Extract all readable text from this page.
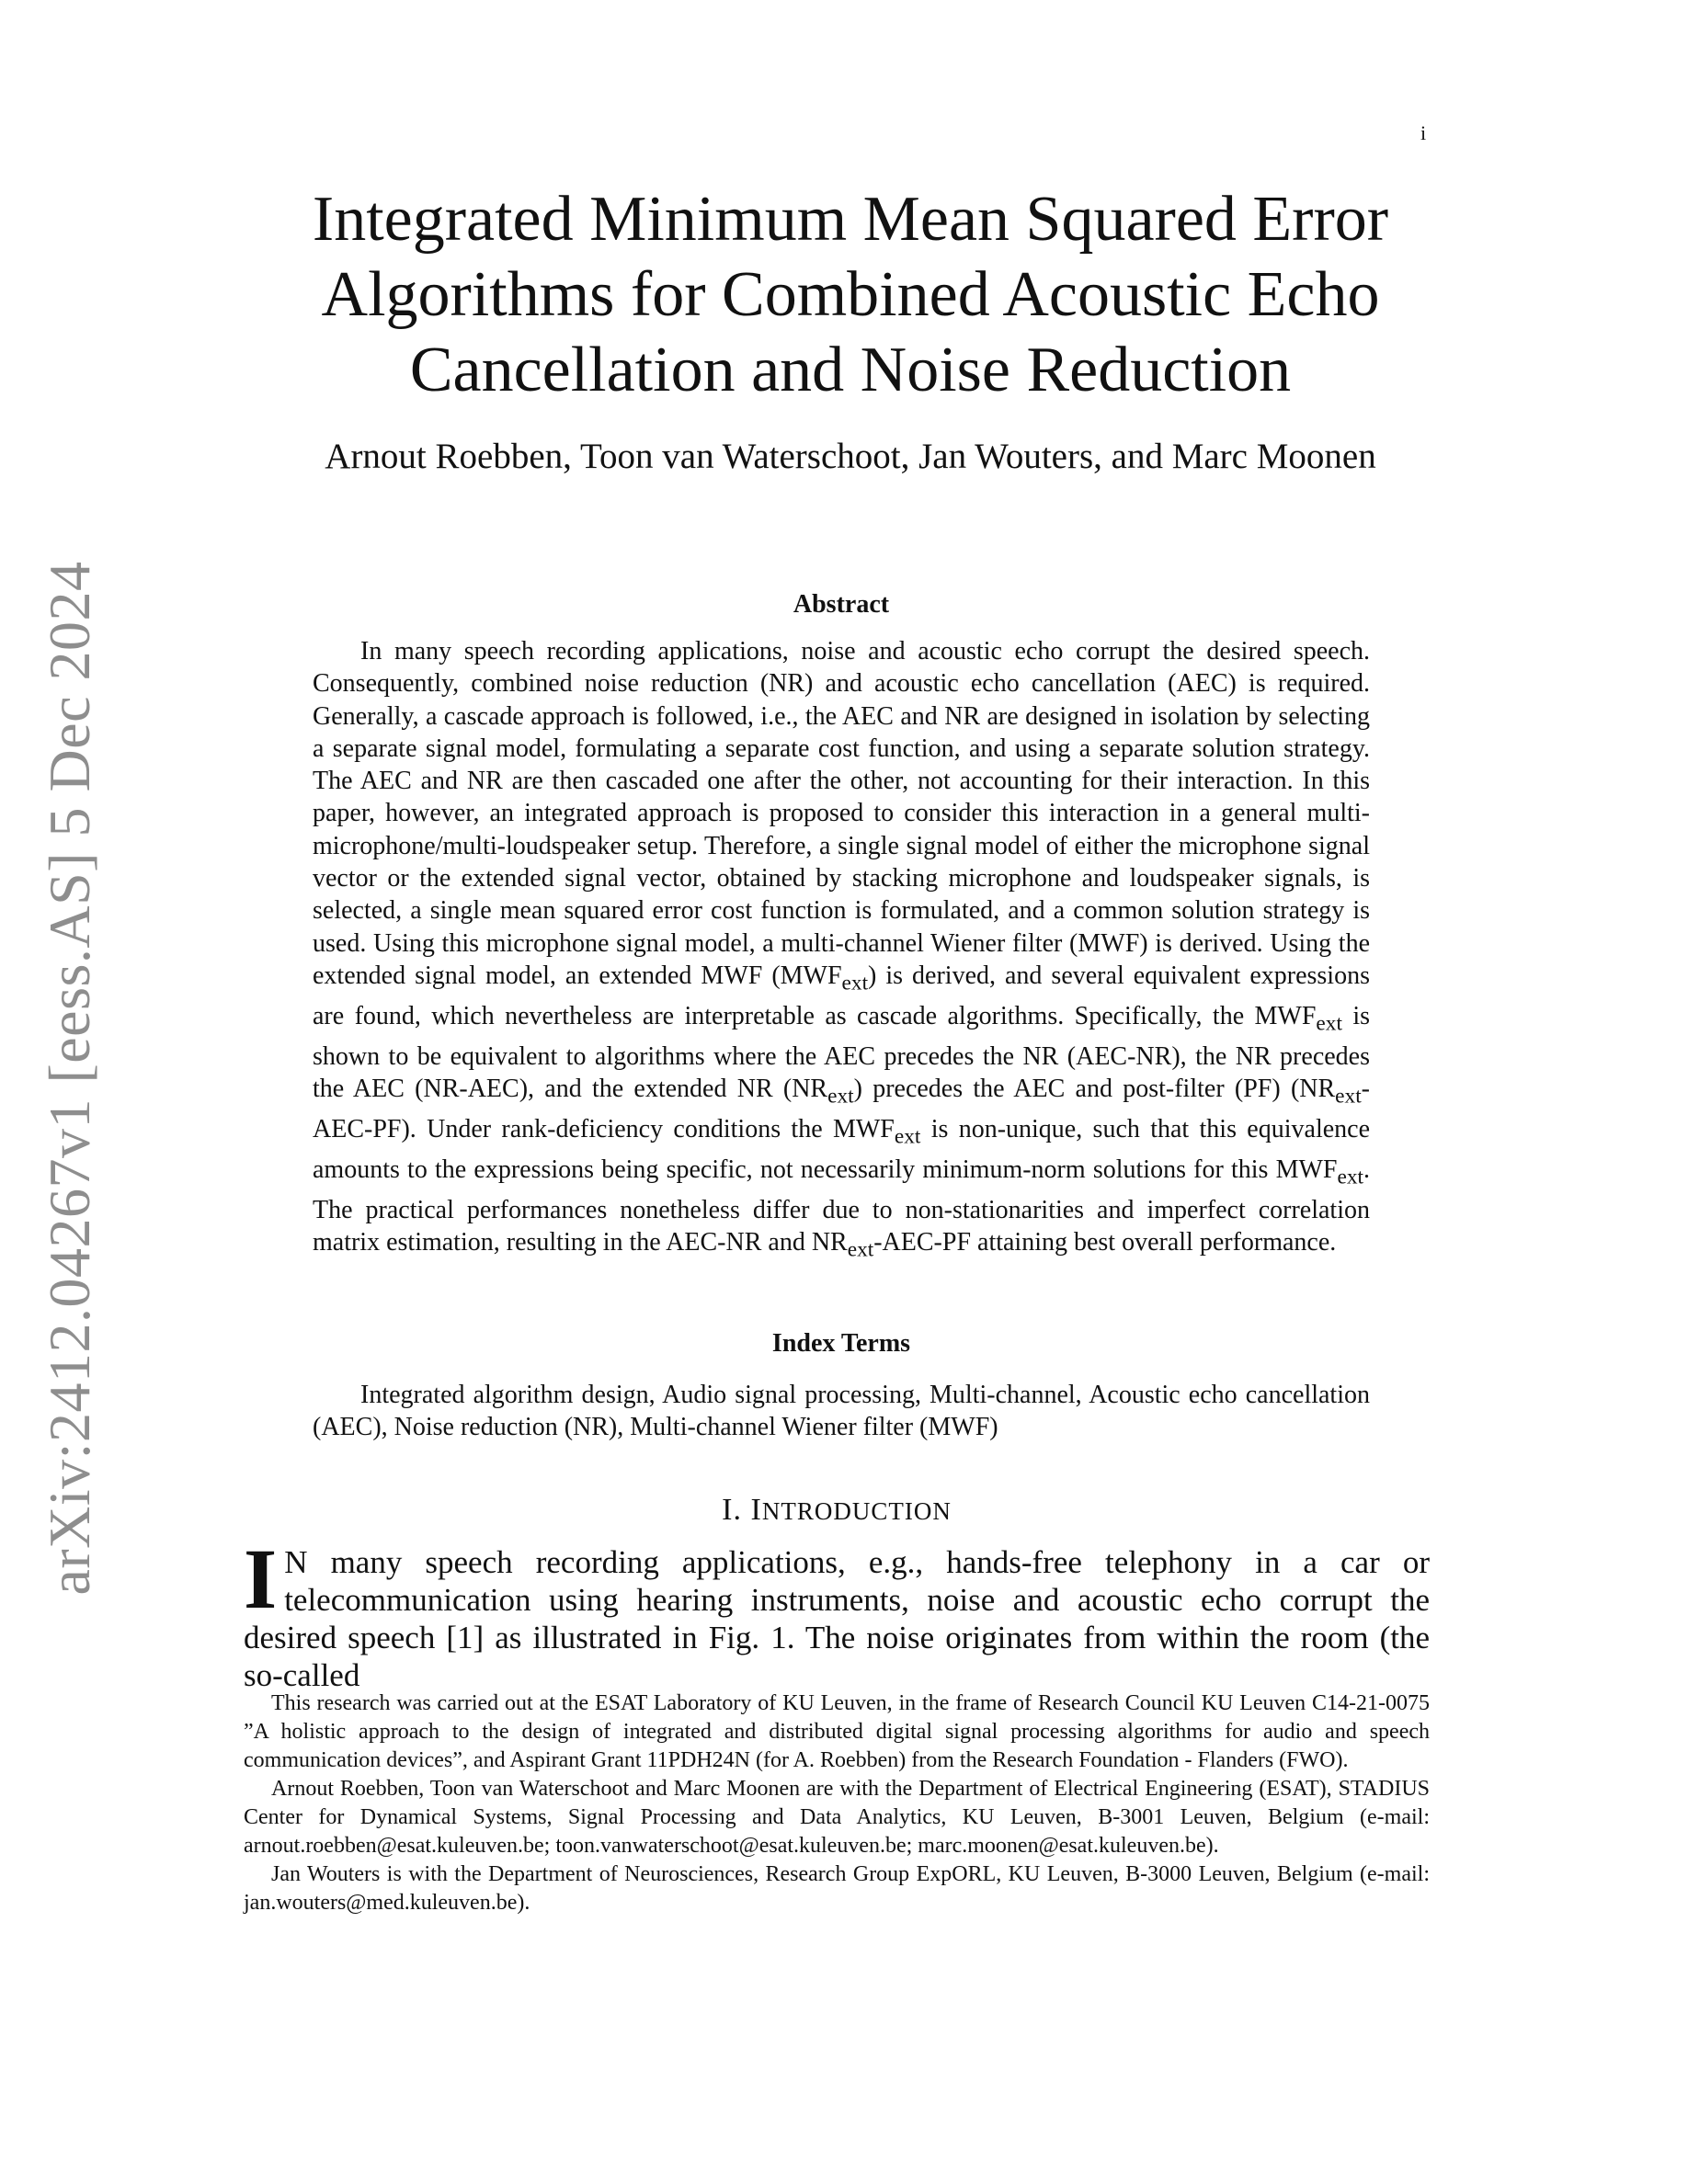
i
arXiv:2412.04267v1 [eess.AS] 5 Dec 2024
Integrated Minimum Mean Squared Error
Algorithms for Combined Acoustic Echo
Cancellation and Noise Reduction
Arnout Roebben, Toon van Waterschoot, Jan Wouters, and Marc Moonen
Abstract

In many speech recording applications, noise and acoustic echo corrupt the desired speech. Consequently, combined noise reduction (NR) and acoustic echo cancellation (AEC) is required. Generally, a cascade approach is followed, i.e., the AEC and NR are designed in isolation by selecting a separate signal model, formulating a separate cost function, and using a separate solution strategy. The AEC and NR are then cascaded one after the other, not accounting for their interaction. In this paper, however, an integrated approach is proposed to consider this interaction in a general multi-microphone/multi-loudspeaker setup. Therefore, a single signal model of either the microphone signal vector or the extended signal vector, obtained by stacking microphone and loudspeaker signals, is selected, a single mean squared error cost function is formulated, and a common solution strategy is used. Using this microphone signal model, a multi-channel Wiener filter (MWF) is derived. Using the extended signal model, an extended MWF $(MWF_{ext})$ is derived, and several equivalent expressions are found, which nevertheless are interpretable as cascade algorithms. Specifically, the $MWF_{ext}$ is shown to be equivalent to algorithms where the AEC precedes the NR (AEC-NR), the NR precedes the AEC (NR-AEC), and the extended NR $(NR_{ext})$ precedes the AEC and post-filter (PF) $(NR_{ext}-AEC-PF)$. Under rank-deficiency conditions the $MWF_{ext}$ is non-unique, such that this equivalence amounts to the expressions being specific, not necessarily minimum-norm solutions for this $MWF_{ext}$. The practical performances nonetheless differ due to non-stationarities and imperfect correlation matrix estimation, resulting in the AEC-NR and $NR_{ext}-AEC-PF$ attaining best overall performance.

Index Terms

Integrated algorithm design, Audio signal processing, Multi-channel, Acoustic echo cancellation (AEC), Noise reduction (NR), Multi-channel Wiener filter (MWF)

I. INTRODUCTION

I N many speech recording applications, e.g., hands-free telephony in a car or telecommunication using hearing instruments, noise and acoustic echo corrupt the desired speech [1] as illustrated in Fig. 1. The noise originates from within the room (the so-called

This research was carried out at the ESAT Laboratory of KU Leuven, in the frame of Research Council KU Leuven C14-21-0075 ”A holistic approach to the design of integrated and distributed digital signal processing algorithms for audio and speech communication devices”, and Aspirant Grant 11PDH24N (for A. Roebben) from the Research Foundation - Flanders (FWO).

Arnout Roebben, Toon van Waterschoot and Marc Moonen are with the Department of Electrical Engineering (ESAT), STADIUS Center for Dynamical Systems, Signal Processing and Data Analytics, KU Leuven, B-3001 Leuven, Belgium (e-mail: arnout.roebben@esat.kuleuven.be; toon.vanwaterschoot@esat.kuleuven.be; marc.moonen@esat.kuleuven.be).

Jan Wouters is with the Department of Neurosciences, Research Group ExpORL, KU Leuven, B-3000 Leuven, Belgium (e-mail: jan.wouters@med.kuleuven.be).
